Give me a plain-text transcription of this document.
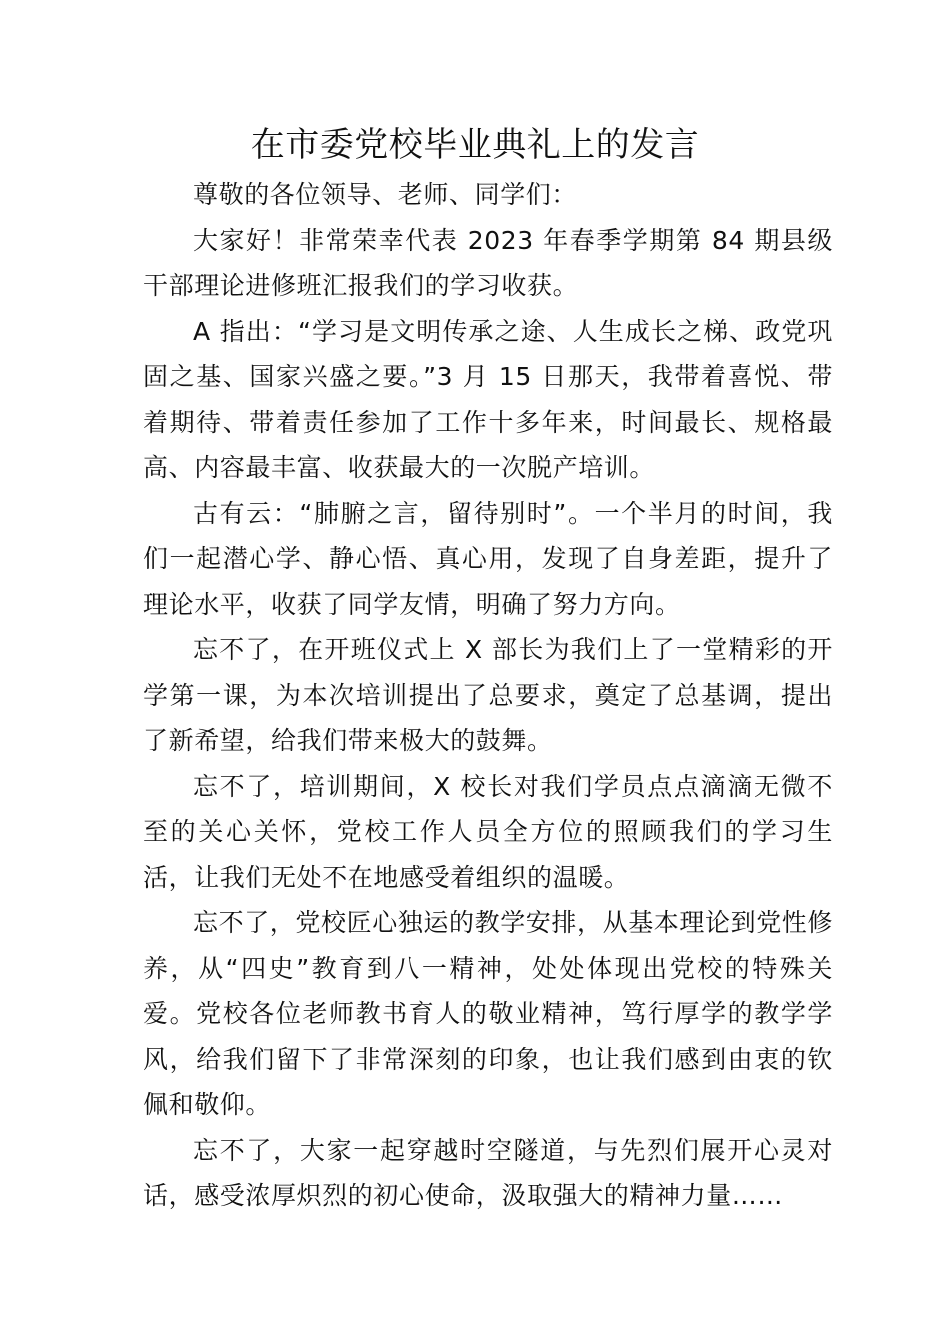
在市委党校毕业典礼上的发言

尊敬的各位领导、老师、同学们：

大家好！非常荣幸代表 2023 年春季学期第 84 期县级干部理论进修班汇报我们的学习收获。

A 指出：“学习是文明传承之途、人生成长之梯、政党巩固之基、国家兴盛之要。”3 月 15 日那天，我带着喜悦、带着期待、带着责任参加了工作十多年来，时间最长、规格最高、内容最丰富、收获最大的一次脱产培训。

古有云：“肺腑之言，留待别时”。一个半月的时间，我们一起潜心学、静心悟、真心用，发现了自身差距，提升了理论水平，收获了同学友情，明确了努力方向。

忘不了，在开班仪式上 X 部长为我们上了一堂精彩的开学第一课，为本次培训提出了总要求，奠定了总基调，提出了新希望，给我们带来极大的鼓舞。

忘不了，培训期间，X 校长对我们学员点点滴滴无微不至的关心关怀，党校工作人员全方位的照顾我们的学习生活，让我们无处不在地感受着组织的温暖。

忘不了，党校匠心独运的教学安排，从基本理论到党性修养，从“四史”教育到八一精神，处处体现出党校的特殊关爱。党校各位老师教书育人的敬业精神，笃行厚学的教学学风，给我们留下了非常深刻的印象，也让我们感到由衷的钦佩和敬仰。

忘不了，大家一起穿越时空隧道，与先烈们展开心灵对话，感受浓厚炽烈的初心使命，汲取强大的精神力量……
